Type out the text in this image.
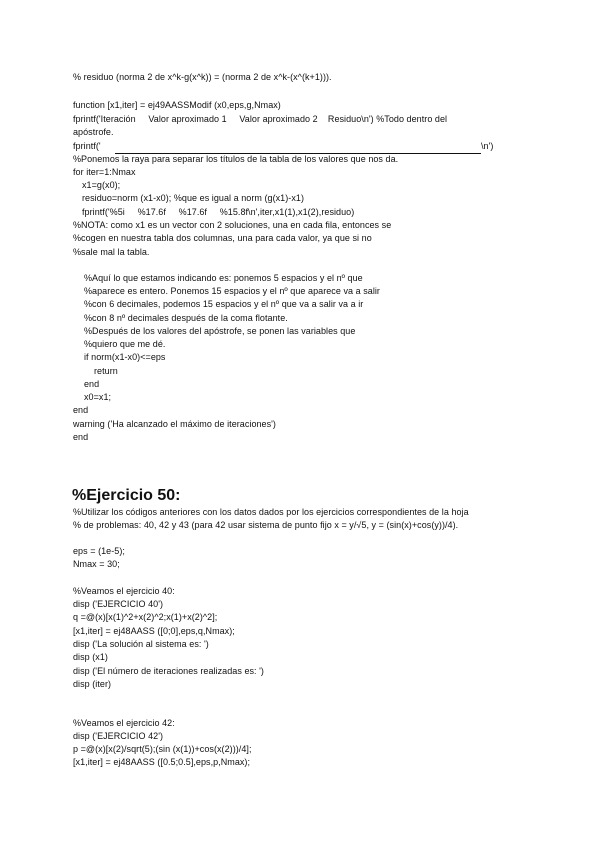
% residuo (norma 2 de x^k-g(x^k)) = (norma 2 de x^k-(x^(k+1))).
function [x1,iter] = ej49AASSModif (x0,eps,g,Nmax)
fprintf('Iteración     Valor aproximado 1     Valor aproximado 2    Residuo\n') %Todo dentro del
apóstrofe.
fprintf('	\n')
%Ponemos la raya para separar los títulos de la tabla de los valores que nos da.
for iter=1:Nmax
x1=g(x0);
residuo=norm (x1-x0); %que es igual a norm (g(x1)-x1)
fprintf('%5i     %17.6f     %17.6f     %15.8f\n',iter,x1(1),x1(2),residuo)
%NOTA: como x1 es un vector con 2 soluciones, una en cada fila, entonces se
%cogen en nuestra tabla dos columnas, una para cada valor, ya que si no
%sale mal la tabla.
%Aquí lo que estamos indicando es: ponemos 5 espacios y el nº que
%aparece es entero. Ponemos 15 espacios y el nº que aparece va a salir
%con 6 decimales, podemos 15 espacios y el nº que va a salir va a ir
%con 8 nº decimales después de la coma flotante.
%Después de los valores del apóstrofe, se ponen las variables que
%quiero que me dé.
if norm(x1-x0)<=eps
return
end
x0=x1;
end
warning ('Ha alcanzado el máximo de iteraciones')
end
%Ejercicio 50:
%Utilizar los códigos anteriores con los datos dados por los ejercicios correspondientes de la hoja
% de problemas: 40, 42 y 43 (para 42 usar sistema de punto fijo x = y/√5, y = (sin(x)+cos(y))/4).
eps = (1e-5);
Nmax = 30;
%Veamos el ejercicio 40:
disp ('EJERCICIO 40')
q =@(x)[x(1)^2+x(2)^2;x(1)+x(2)^2];
[x1,iter] = ej48AASS ([0;0],eps,q,Nmax);
disp ('La solución al sistema es: ')
disp (x1)
disp ('El número de iteraciones realizadas es: ')
disp (iter)
%Veamos el ejercicio 42:
disp ('EJERCICIO 42')
p =@(x)[x(2)/sqrt(5);(sin (x(1))+cos(x(2)))/4];
[x1,iter] = ej48AASS ([0.5;0.5],eps,p,Nmax);
